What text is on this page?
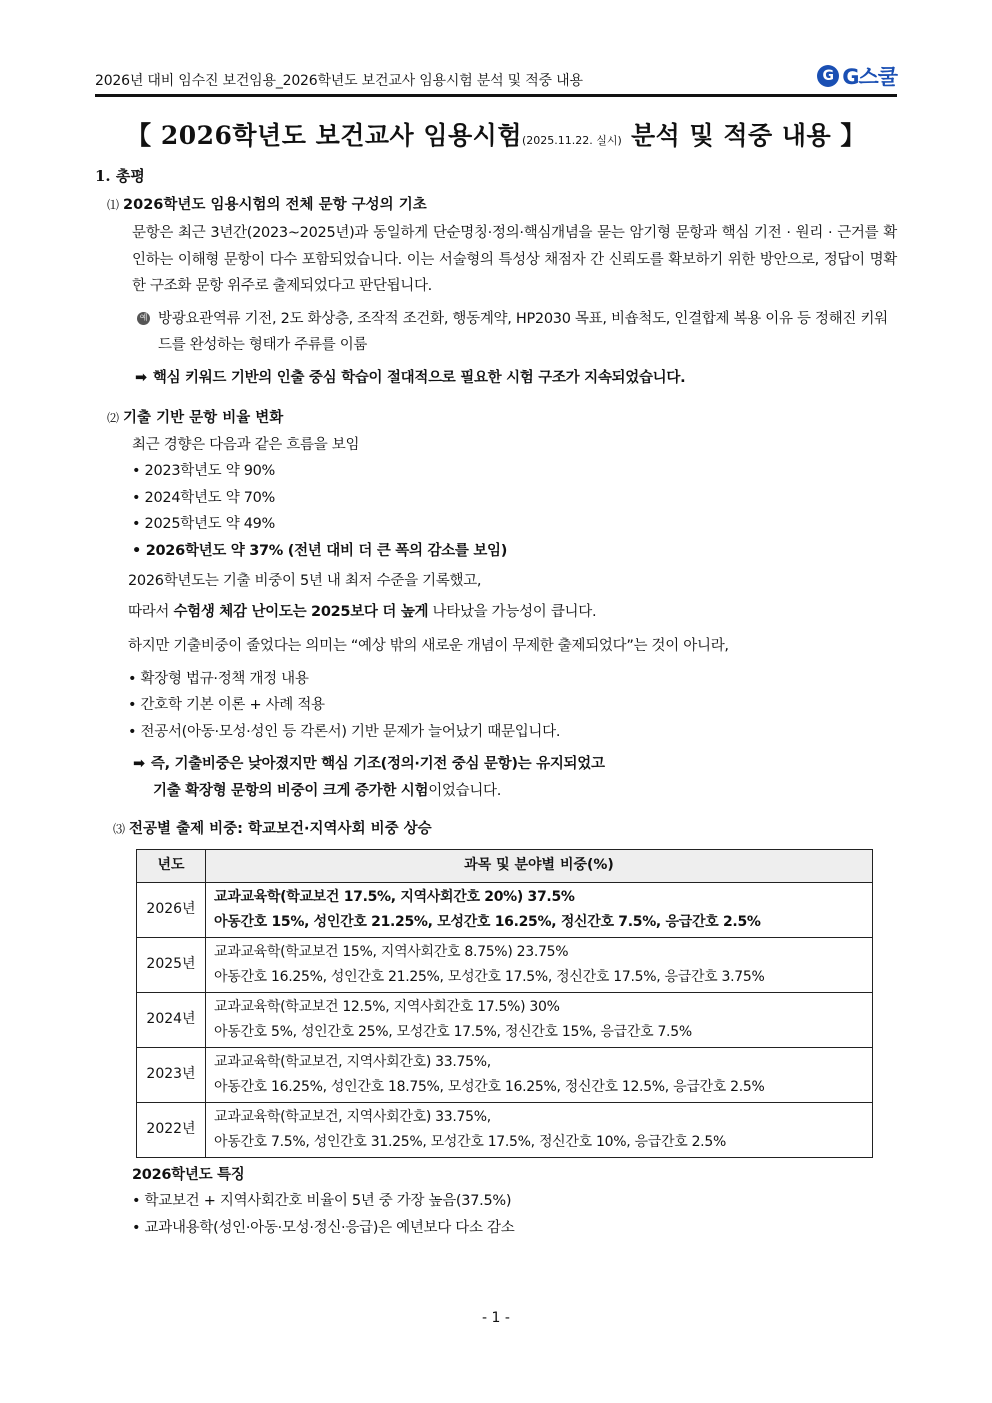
2026년 대비 임수진 보건임용_2026학년도 보건교사 임용시험 분석 및 적중 내용	G G스쿨
【 2026학년도 보건교사 임용시험(2025.11.22. 실시) 분석 및 적중 내용 】

1. 총평

⑴ 2026학년도 임용시험의 전체 문항 구성의 기초

문항은 최근 3년간(2023~2025년)과 동일하게 단순명칭·정의·핵심개념을 묻는 암기형 문항과 핵심 기전 · 원리 · 근거를 확인하는 이해형 문항이 다수 포함되었습니다. 이는 서술형의 특성상 채점자 간 신뢰도를 확보하기 위한 방안으로, 정답이 명확한 구조화 문항 위주로 출제되었다고 판단됩니다.

예 방광요관역류 기전, 2도 화상층, 조작적 조건화, 행동계약, HP2030 목표, 비숍척도, 인결합제 복용 이유 등 정해진 키워드를 완성하는 형태가 주류를 이룸

➡ 핵심 키워드 기반의 인출 중심 학습이 절대적으로 필요한 시험 구조가 지속되었습니다.

⑵ 기출 기반 문항 비율 변화

최근 경향은 다음과 같은 흐름을 보임

• 2023학년도 약 90%

• 2024학년도 약 70%

• 2025학년도 약 49%

• 2026학년도 약 37% (전년 대비 더 큰 폭의 감소를 보임)

2026학년도는 기출 비중이 5년 내 최저 수준을 기록했고,

따라서 수험생 체감 난이도는 2025보다 더 높게 나타났을 가능성이 큽니다.

하지만 기출비중이 줄었다는 의미는 “예상 밖의 새로운 개념이 무제한 출제되었다”는 것이 아니라,

• 확장형 법규·정책 개정 내용

• 간호학 기본 이론 + 사례 적용

• 전공서(아동·모성·성인 등 각론서) 기반 문제가 늘어났기 때문입니다.

➡ 즉, 기출비중은 낮아졌지만 핵심 기조(정의·기전 중심 문항)는 유지되었고

기출 확장형 문항의 비중이 크게 증가한 시험이었습니다.

⑶ 전공별 출제 비중: 학교보건·지역사회 비중 상승

년도	과목 및 분야별 비중(%)
2026년	교과교육학(학교보건 17.5%, 지역사회간호 20%) 37.5%
아동간호 15%, 성인간호 21.25%, 모성간호 16.25%, 정신간호 7.5%, 응급간호 2.5%

2025년	교과교육학(학교보건 15%, 지역사회간호 8.75%) 23.75%
아동간호 16.25%, 성인간호 21.25%, 모성간호 17.5%, 정신간호 17.5%, 응급간호 3.75%

2024년	교과교육학(학교보건 12.5%, 지역사회간호 17.5%) 30%
아동간호 5%, 성인간호 25%, 모성간호 17.5%, 정신간호 15%, 응급간호 7.5%

2023년	교과교육학(학교보건, 지역사회간호) 33.75%,
아동간호 16.25%, 성인간호 18.75%, 모성간호 16.25%, 정신간호 12.5%, 응급간호 2.5%

2022년	교과교육학(학교보건, 지역사회간호) 33.75%,
아동간호 7.5%, 성인간호 31.25%, 모성간호 17.5%, 정신간호 10%, 응급간호 2.5%

2026학년도 특징

• 학교보건 + 지역사회간호 비율이 5년 중 가장 높음(37.5%)

• 교과내용학(성인·아동·모성·정신·응급)은 예년보다 다소 감소

- 1 -
